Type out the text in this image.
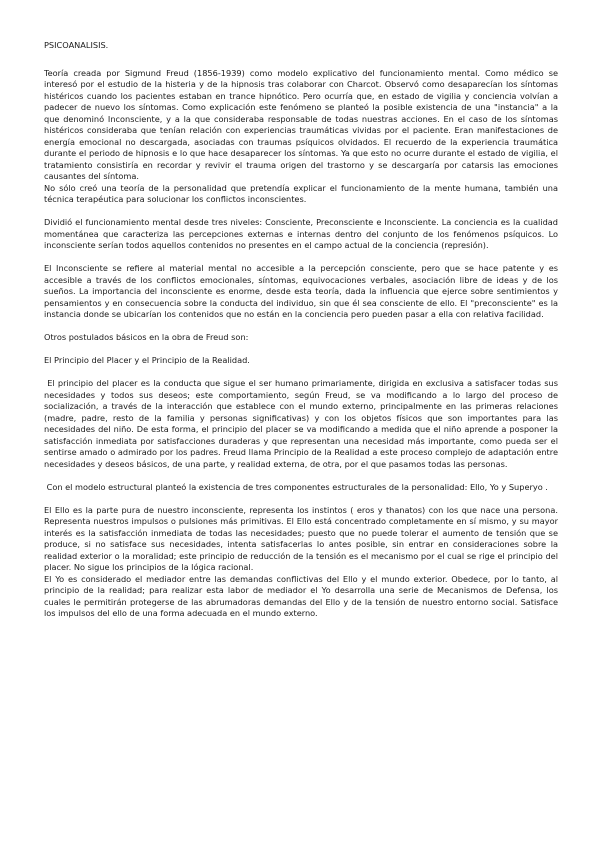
PSICOANALISIS.

Teoría creada por Sigmund Freud (1856-1939) como modelo explicativo del funcionamiento mental. Como médico se interesó por el estudio de la histeria y de la hipnosis tras colaborar con Charcot. Observó como desaparecían los síntomas histéricos cuando los pacientes estaban en trance hipnótico. Pero ocurría que, en estado de vigilia y conciencia volvían a padecer de nuevo los síntomas. Como explicación este fenómeno se planteó la posible existencia de una "instancia" a la que denominó Inconsciente, y a la que consideraba responsable de todas nuestras acciones. En el caso de los síntomas histéricos consideraba que tenían relación con experiencias traumáticas vividas por el paciente. Eran manifestaciones de energía emocional no descargada, asociadas con traumas psíquicos olvidados. El recuerdo de la experiencia traumática durante el periodo de hipnosis e lo que hace desaparecer los síntomas. Ya que esto no ocurre durante el estado de vigilia, el tratamiento consistiría en recordar y revivir el trauma origen del trastorno y se descargaría por catarsis las emociones causantes del síntoma.

No sólo creó una teoría de la personalidad que pretendía explicar el funcionamiento de la mente humana, también una técnica terapéutica para solucionar los conflictos inconscientes.

Dividió el funcionamiento mental desde tres niveles: Consciente, Preconsciente e Inconsciente. La conciencia es la cualidad momentánea que caracteriza las percepciones externas e internas dentro del conjunto de los fenómenos psíquicos. Lo inconsciente serían todos aquellos contenidos no presentes en el campo actual de la conciencia (represión).

El Inconsciente se refiere al material mental no accesible a la percepción consciente, pero que se hace patente y es accesible a través de los conflictos emocionales, síntomas, equivocaciones verbales, asociación libre de ideas y de los sueños. La importancia del inconsciente es enorme, desde esta teoría, dada la influencia que ejerce sobre sentimientos y pensamientos y en consecuencia sobre la conducta del individuo, sin que él sea consciente de ello. El "preconsciente" es la instancia donde se ubicarían los contenidos que no están en la conciencia pero pueden pasar a ella con relativa facilidad.

Otros postulados básicos en la obra de Freud son:

El Principio del Placer y el Principio de la Realidad.

El principio del placer es la conducta que sigue el ser humano primariamente, dirigida en exclusiva a satisfacer todas sus necesidades y todos sus deseos; este comportamiento, según Freud, se va modificando a lo largo del proceso de socialización, a través de la interacción que establece con el mundo externo, principalmente en las primeras relaciones (madre, padre, resto de la familia y personas significativas) y con los objetos físicos que son importantes para las necesidades del niño. De esta forma, el principio del placer se va modificando a medida que el niño aprende a posponer la satisfacción inmediata por satisfacciones duraderas y que representan una necesidad más importante, como pueda ser el sentirse amado o admirado por los padres. Freud llama Principio de la Realidad a este proceso complejo de adaptación entre necesidades y deseos básicos, de una parte, y realidad externa, de otra, por el que pasamos todas las personas.

Con el modelo estructural planteó la existencia de tres componentes estructurales de la personalidad: Ello, Yo y Superyo .

El Ello es la parte pura de nuestro inconsciente, representa los instintos ( eros y thanatos) con los que nace una persona. Representa nuestros impulsos o pulsiones más primitivas. El Ello está concentrado completamente en sí mismo, y su mayor interés es la satisfacción inmediata de todas las necesidades; puesto que no puede tolerar el aumento de tensión que se produce, si no satisface sus necesidades, intenta satisfacerlas lo antes posible, sin entrar en consideraciones sobre la realidad exterior o la moralidad; este principio de reducción de la tensión es el mecanismo por el cual se rige el principio del placer. No sigue los principios de la lógica racional.

El Yo es considerado el mediador entre las demandas conflictivas del Ello y el mundo exterior. Obedece, por lo tanto, al principio de la realidad; para realizar esta labor de mediador el Yo desarrolla una serie de Mecanismos de Defensa, los cuales le permitirán protegerse de las abrumadoras demandas del Ello y de la tensión de nuestro entorno social. Satisface los impulsos del ello de una forma adecuada en el mundo externo.
